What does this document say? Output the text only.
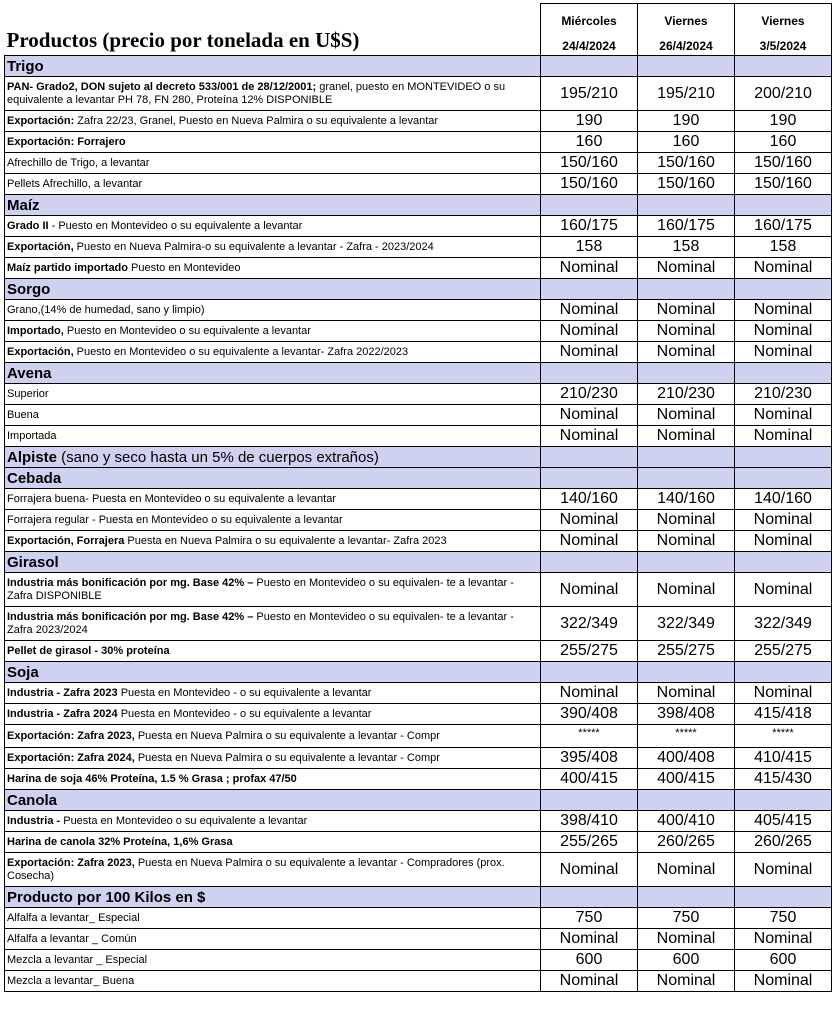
Productos (precio por tonelada en U$S)	Miércoles	Viernes	Viernes
	24/4/2024	26/4/2024	3/5/2024
Trigo			
PAN- Grado2, DON sujeto al decreto 533/001 de 28/12/2001; granel, puesto en MONTEVIDEO o su equivalente a levantar PH 78, FN 280, Proteína 12% DISPONIBLE	195/210	195/210	200/210
Exportación: Zafra 22/23, Granel, Puesto en Nueva Palmira o su equivalente a levantar	190	190	190
Exportación: Forrajero	160	160	160
Afrechillo de Trigo, a levantar	150/160	150/160	150/160
Pellets Afrechillo, a levantar	150/160	150/160	150/160
Maíz			
Grado II - Puesto en Montevideo o su equivalente a levantar	160/175	160/175	160/175
Exportación, Puesto en Nueva Palmira-o su equivalente a levantar - Zafra - 2023/2024	158	158	158
Maíz partido importado Puesto en Montevideo	Nominal	Nominal	Nominal
Sorgo			
Grano,(14% de humedad, sano y limpio)	Nominal	Nominal	Nominal
Importado, Puesto en Montevideo o su equivalente a levantar	Nominal	Nominal	Nominal
Exportación, Puesto en Montevideo o su equivalente a levantar- Zafra 2022/2023	Nominal	Nominal	Nominal
Avena			
Superior	210/230	210/230	210/230
Buena	Nominal	Nominal	Nominal
Importada	Nominal	Nominal	Nominal
Alpiste (sano y seco hasta un 5% de cuerpos extraños)			
Cebada			
Forrajera buena- Puesta en Montevideo o su equivalente a levantar	140/160	140/160	140/160
Forrajera regular - Puesta en Montevideo o su equivalente a levantar	Nominal	Nominal	Nominal
Exportación, Forrajera Puesta en Nueva Palmira o su equivalente a levantar- Zafra 2023	Nominal	Nominal	Nominal
Girasol			
Industria más bonificación por mg. Base 42% – Puesto en Montevideo o su equivalen- te a levantar - Zafra DISPONIBLE	Nominal	Nominal	Nominal
Industria más bonificación por mg. Base 42% – Puesto en Montevideo o su equivalen- te a levantar - Zafra 2023/2024	322/349	322/349	322/349
Pellet de girasol - 30% proteína	255/275	255/275	255/275
Soja			
Industria - Zafra 2023 Puesta en Montevideo - o su equivalente a levantar	Nominal	Nominal	Nominal
Industria - Zafra 2024 Puesta en Montevideo - o su equivalente a levantar	390/408	398/408	415/418
Exportación: Zafra 2023, Puesta en Nueva Palmira o su equivalente a levantar - Compr	*****	*****	*****
Exportación: Zafra 2024, Puesta en Nueva Palmira o su equivalente a levantar - Compr	395/408	400/408	410/415
Harina de soja 46% Proteína, 1.5 % Grasa ; profax 47/50	400/415	400/415	415/430
Canola			
Industria - Puesta en Montevideo o su equivalente a levantar	398/410	400/410	405/415
Harina de canola 32% Proteína, 1,6% Grasa	255/265	260/265	260/265
Exportación: Zafra 2023, Puesta en Nueva Palmira o su equivalente a levantar - Compradores (prox. Cosecha)	Nominal	Nominal	Nominal
Producto por 100 Kilos en $			
Alfalfa a levantar_ Especial	750	750	750
Alfalfa a levantar _ Común	Nominal	Nominal	Nominal
Mezcla a levantar _ Especial	600	600	600
Mezcla a levantar_ Buena	Nominal	Nominal	Nominal
